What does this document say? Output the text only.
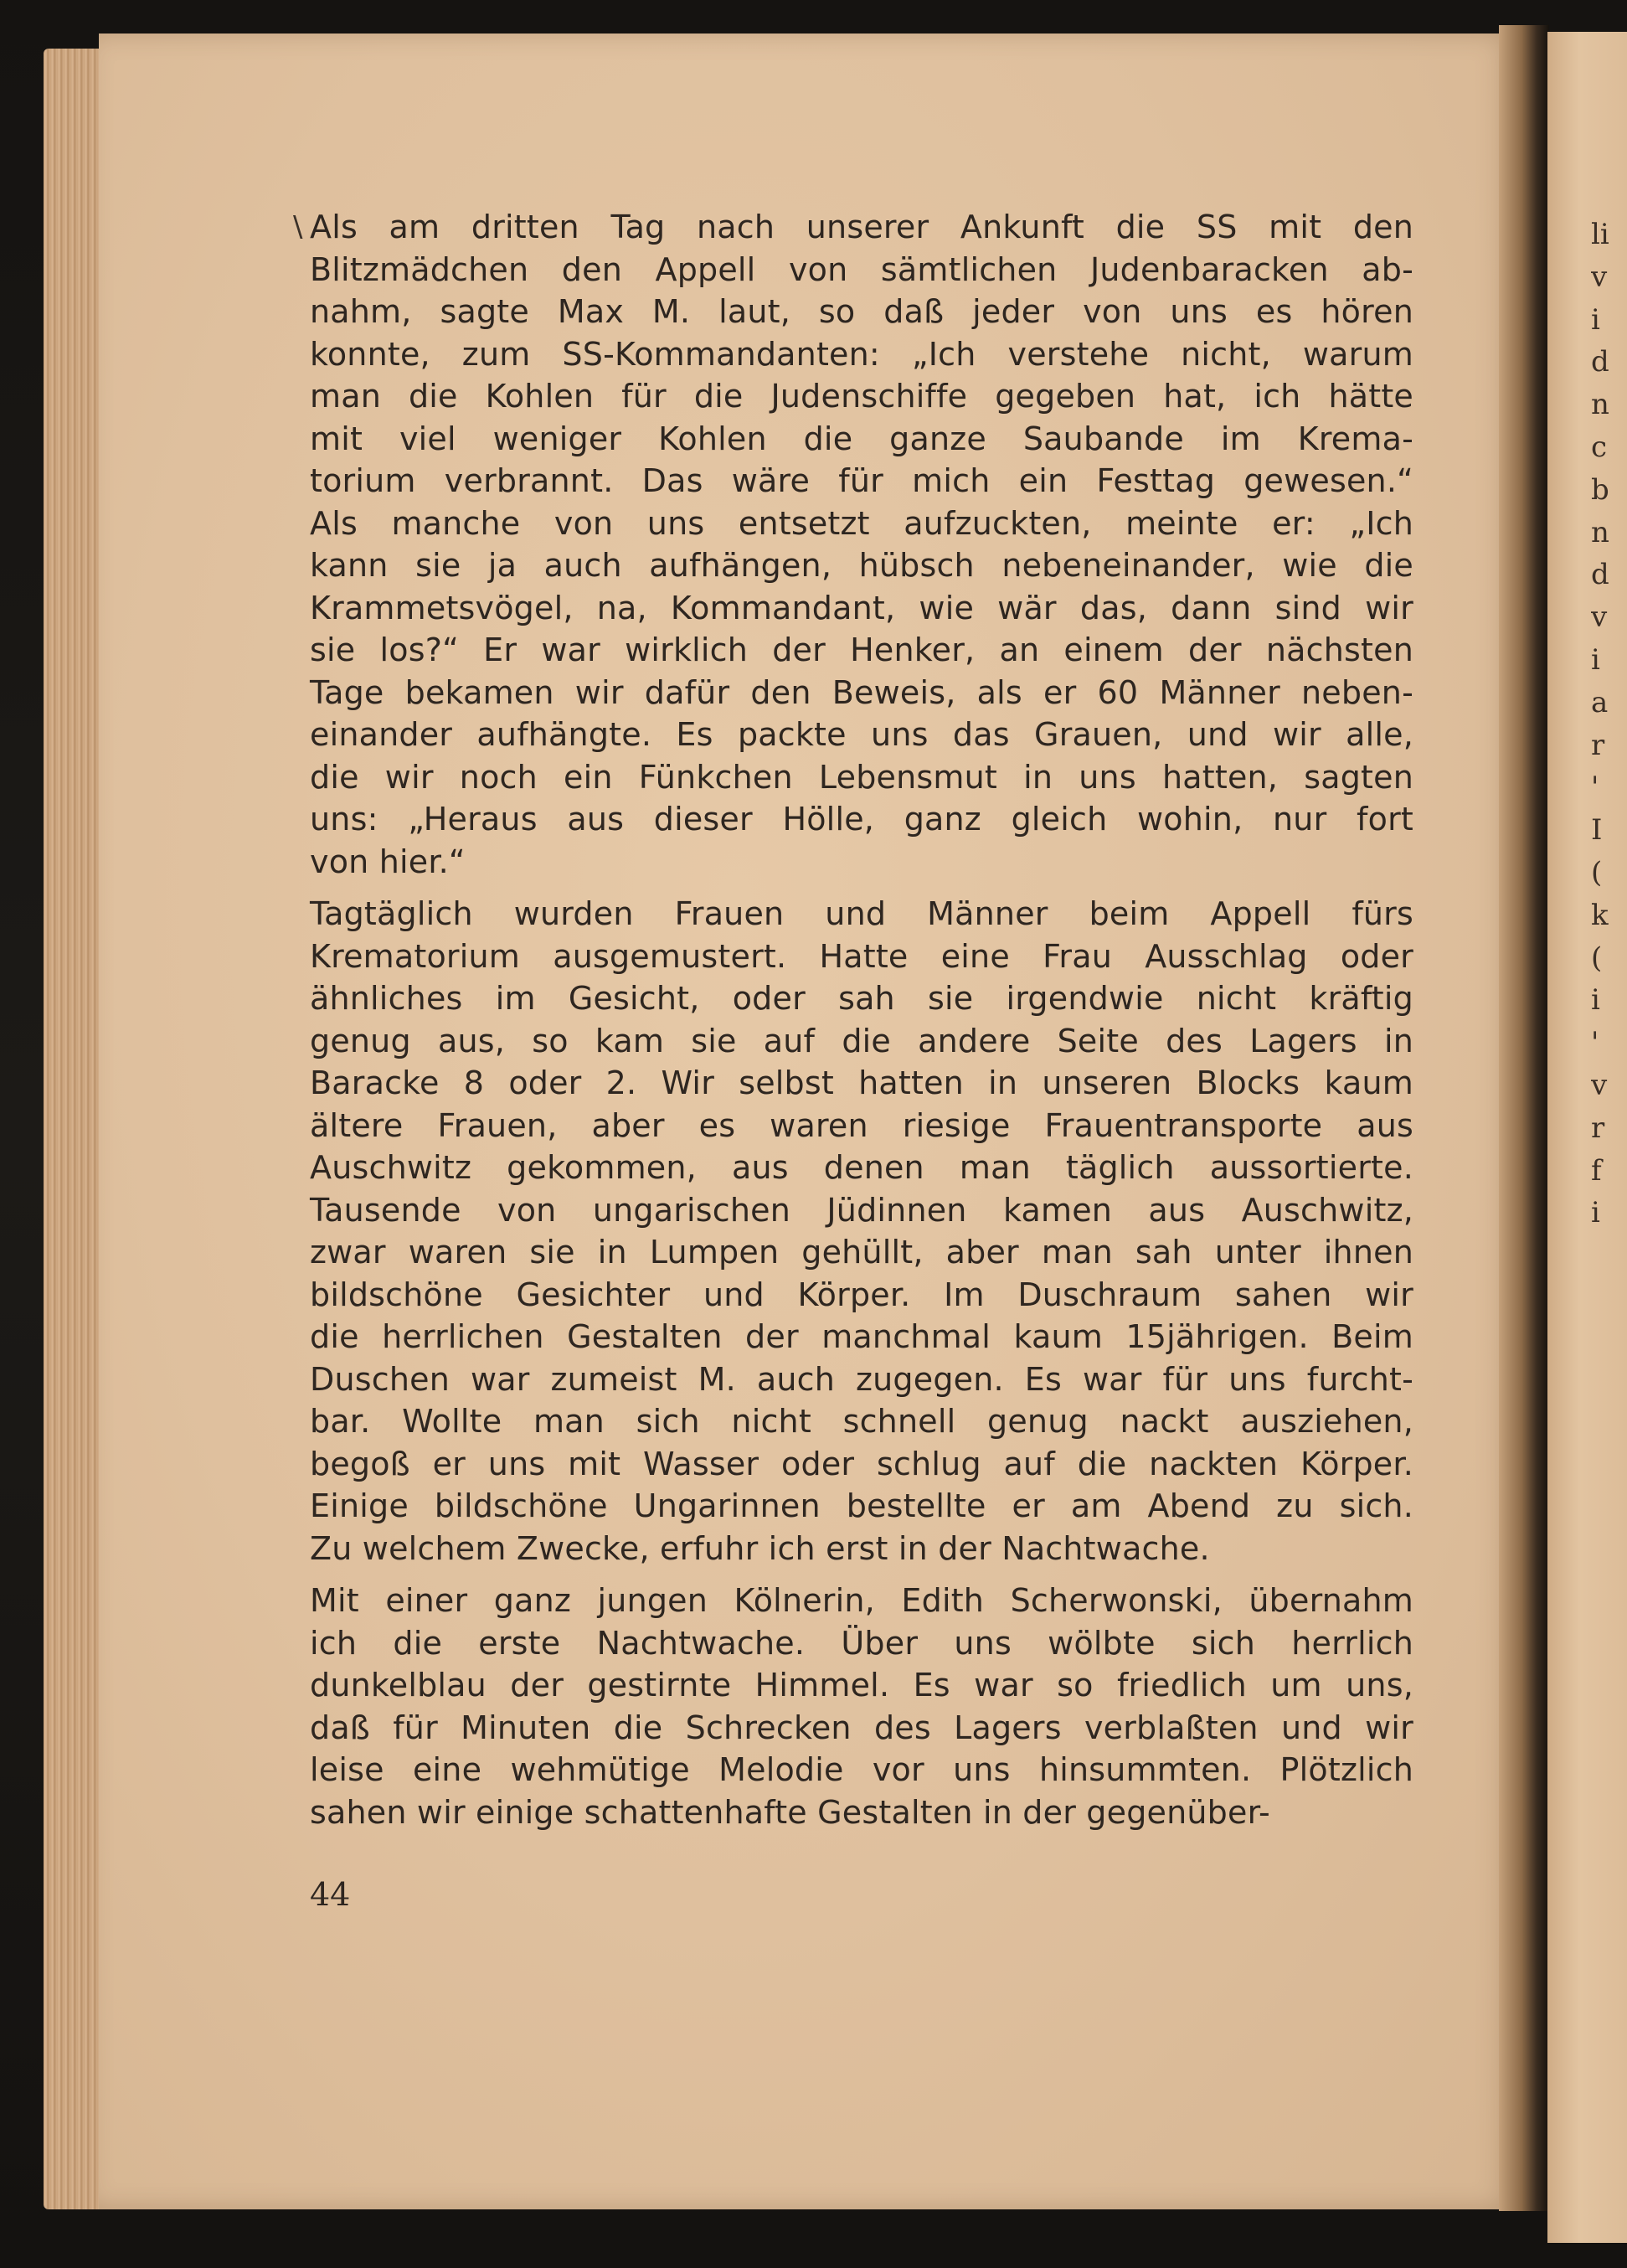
li
v
i
d
n
c
b
n
d
v
i
a
r
'
I
(
k
(
i
'
v
r
f
i
\ Als am dritten Tag nach unserer Ankunft die SS mit den
Blitzmädchen den Appell von sämtlichen Judenbaracken ab-
nahm, sagte Max M. laut, so daß jeder von uns es hören
konnte, zum SS-Kommandanten: „Ich verstehe nicht, warum
man die Kohlen für die Judenschiffe gegeben hat, ich hätte
mit viel weniger Kohlen die ganze Saubande im Krema-
torium verbrannt. Das wäre für mich ein Festtag gewesen.“
Als manche von uns entsetzt aufzuckten, meinte er: „Ich
kann sie ja auch aufhängen, hübsch nebeneinander, wie die
Krammetsvögel, na, Kommandant, wie wär das, dann sind wir
sie los?“ Er war wirklich der Henker, an einem der nächsten
Tage bekamen wir dafür den Beweis, als er 60 Männer neben-
einander aufhängte. Es packte uns das Grauen, und wir alle,
die wir noch ein Fünkchen Lebensmut in uns hatten, sagten
uns: „Heraus aus dieser Hölle, ganz gleich wohin, nur fort
von hier.“
Tagtäglich wurden Frauen und Männer beim Appell fürs
Krematorium ausgemustert. Hatte eine Frau Ausschlag oder
ähnliches im Gesicht, oder sah sie irgendwie nicht kräftig
genug aus, so kam sie auf die andere Seite des Lagers in
Baracke 8 oder 2. Wir selbst hatten in unseren Blocks kaum
ältere Frauen, aber es waren riesige Frauentransporte aus
Auschwitz gekommen, aus denen man täglich aussortierte.
Tausende von ungarischen Jüdinnen kamen aus Auschwitz,
zwar waren sie in Lumpen gehüllt, aber man sah unter ihnen
bildschöne Gesichter und Körper. Im Duschraum sahen wir
die herrlichen Gestalten der manchmal kaum 15jährigen. Beim
Duschen war zumeist M. auch zugegen. Es war für uns furcht-
bar. Wollte man sich nicht schnell genug nackt ausziehen,
begoß er uns mit Wasser oder schlug auf die nackten Körper.
Einige bildschöne Ungarinnen bestellte er am Abend zu sich.
Zu welchem Zwecke, erfuhr ich erst in der Nachtwache.
Mit einer ganz jungen Kölnerin, Edith Scherwonski, übernahm
ich die erste Nachtwache. Über uns wölbte sich herrlich
dunkelblau der gestirnte Himmel. Es war so friedlich um uns,
daß für Minuten die Schrecken des Lagers verblaßten und wir
leise eine wehmütige Melodie vor uns hinsummten. Plötzlich
sahen wir einige schattenhafte Gestalten in der gegenüber-
44
